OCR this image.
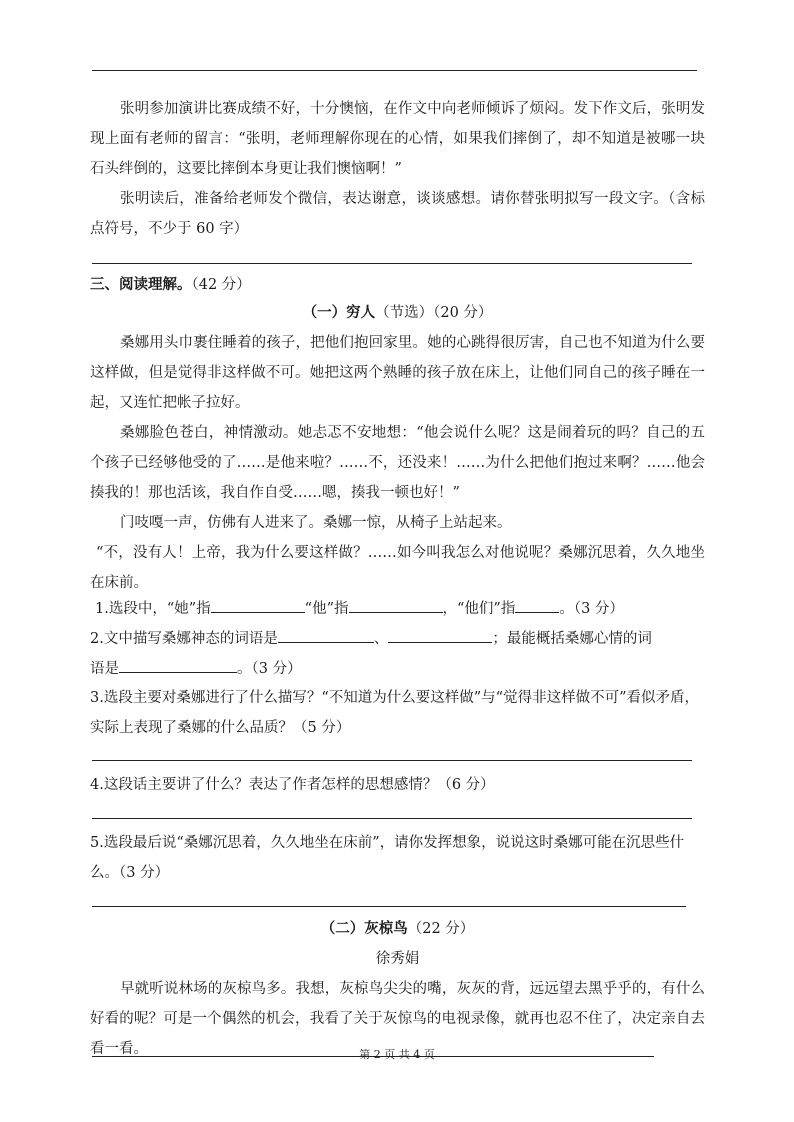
张明参加演讲比赛成绩不好，十分懊恼，在作文中向老师倾诉了烦闷。发下作文后，张明发现上面有老师的留言：“张明，老师理解你现在的心情，如果我们摔倒了，却不知道是被哪一块石头绊倒的，这要比摔倒本身更让我们懊恼啊！”
张明读后，准备给老师发个微信，表达谢意，谈谈感想。请你替张明拟写一段文字。（含标点符号，不少于 60 字）
三、阅读理解。（42 分）
（一）穷人（节选）（20 分）
桑娜用头巾裹住睡着的孩子，把他们抱回家里。她的心跳得很厉害，自己也不知道为什么要这样做，但是觉得非这样做不可。她把这两个熟睡的孩子放在床上，让他们同自己的孩子睡在一起，又连忙把帐子拉好。
桑娜脸色苍白，神情激动。她忐忑不安地想：“他会说什么呢？这是闹着玩的吗？自己的五个孩子已经够他受的了……是他来啦？……不，还没来！……为什么把他们抱过来啊？……他会揍我的！那也活该，我自作自受……嗯，揍我一顿也好！”
门吱嘎一声，仿佛有人进来了。桑娜一惊，从椅子上站起来。
“不，没有人！上帝，我为什么要这样做？……如今叫我怎么对他说呢？桑娜沉思着，久久地坐在床前。
1.选段中，“她”指	“他”指	，“他们”指	。（3 分）
2.文中描写桑娜神态的词语是	、	；最能概括桑娜心情的词
语是	。（3 分）
3.选段主要对桑娜进行了什么描写？“不知道为什么要这样做”与“觉得非这样做不可”看似矛盾，实际上表现了桑娜的什么品质？（5 分）
4.这段话主要讲了什么？表达了作者怎样的思想感情？（6 分）
5.选段最后说“桑娜沉思着，久久地坐在床前”，请你发挥想象，说说这时桑娜可能在沉思些什么。（3 分）
（二）灰椋鸟（22 分）
徐秀娟
早就听说林场的灰椋鸟多。我想，灰椋鸟尖尖的嘴，灰灰的背，远远望去黑乎乎的，有什么好看的呢？可是一个偶然的机会，我看了关于灰惊鸟的电视录像，就再也忍不住了，决定亲自去看一看。	第 2 页 共 4 页
